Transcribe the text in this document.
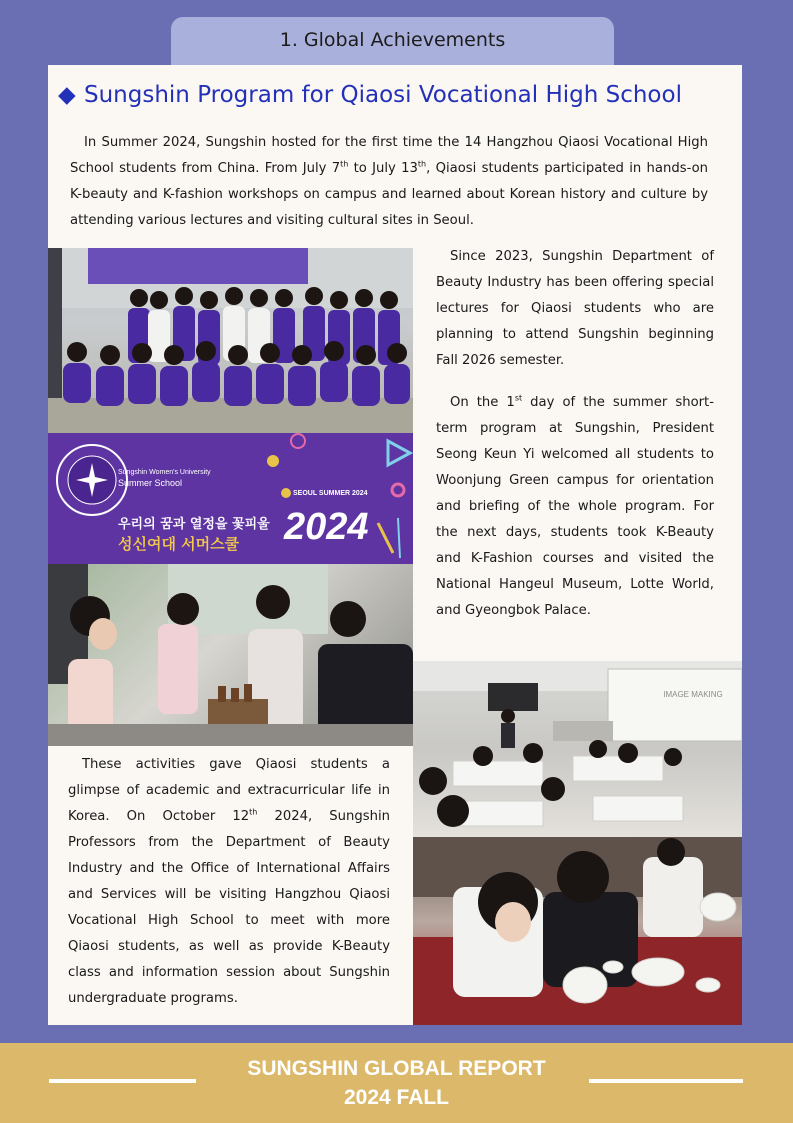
1. Global Achievements
◆ Sungshin Program for Qiaosi Vocational High School

In Summer 2024, Sungshin hosted for the first time the 14 Hangzhou Qiaosi Vocational High School students from China. From July 7th to July 13th, Qiaosi students participated in hands-on K-beauty and K-fashion workshops on campus and learned about Korean history and culture by attending various lectures and visiting cultural sites in Seoul.

Since 2023, Sungshin Department of Beauty Industry has been offering special lectures for Qiaosi students who are planning to attend Sungshin beginning Fall 2026 semester.

On the 1st day of the summer short-term program at Sungshin, President Seong Keun Yi welcomed all students to Woonjung Green campus for orientation and briefing of the whole program. For the next days, students took K-Beauty and K-Fashion courses and visited the National Hangeul Museum, Lotte World, and Gyeongbok Palace.

These activities gave Qiaosi students a glimpse of academic and extracurricular life in Korea. On October 12th 2024, Sungshin Professors from the Department of Beauty Industry and the Office of International Affairs and Services will be visiting Hangzhou Qiaosi Vocational High School to meet with more Qiaosi students, as well as provide K-Beauty class and information session about Sungshin undergraduate programs.

Sungshin Women's University
Summer School
SEOUL SUMMER 2024
우리의 꿈과 열정을 꽃피울
성신여대 서머스쿨 2024
IMAGE MAKING
SUNGSHIN GLOBAL REPORT
2024 FALL
